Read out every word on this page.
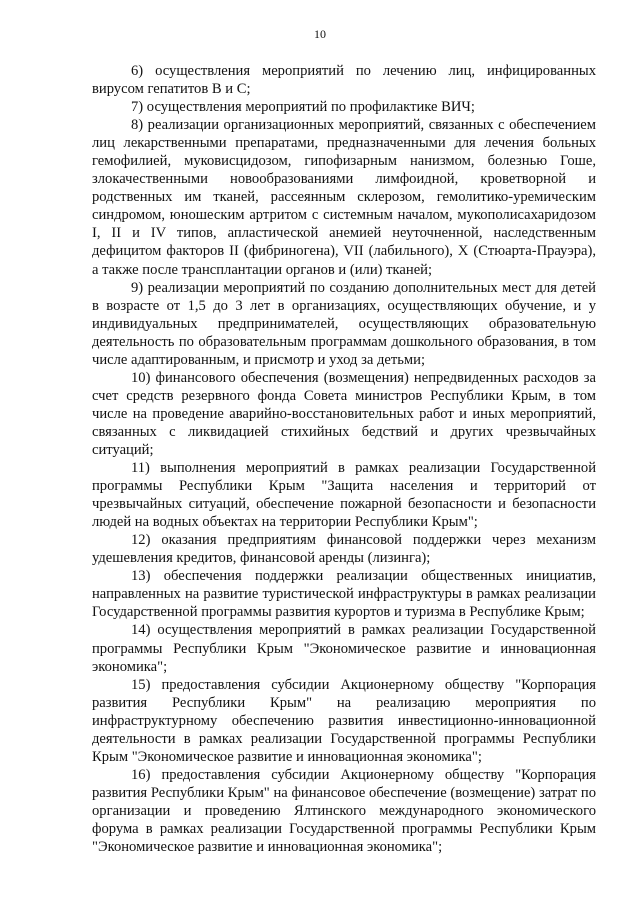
10

6) осуществления мероприятий по лечению лиц, инфицированных вирусом гепатитов В и С;

7) осуществления мероприятий по профилактике ВИЧ;

8) реализации организационных мероприятий, связанных с обеспечением лиц лекарственными препаратами, предназначенными для лечения больных гемофилией, муковисцидозом, гипофизарным нанизмом, болезнью Гоше, злокачественными новообразованиями лимфоидной, кроветворной и родственных им тканей, рассеянным склерозом, гемолитико-уремическим синдромом, юношеским артритом с системным началом, мукополисахаридозом I, II и IV типов, апластической анемией неуточненной, наследственным дефицитом факторов II (фибриногена), VII (лабильного), X (Стюарта-Прауэра), а также после трансплантации органов и (или) тканей;

9) реализации мероприятий по созданию дополнительных мест для детей в возрасте от 1,5 до 3 лет в организациях, осуществляющих обучение, и у индивидуальных предпринимателей, осуществляющих образовательную деятельность по образовательным программам дошкольного образования, в том числе адаптированным, и присмотр и уход за детьми;

10) финансового обеспечения (возмещения) непредвиденных расходов за счет средств резервного фонда Совета министров Республики Крым, в том числе на проведение аварийно-восстановительных работ и иных мероприятий, связанных с ликвидацией стихийных бедствий и других чрезвычайных ситуаций;

11) выполнения мероприятий в рамках реализации Государственной программы Республики Крым "Защита населения и территорий от чрезвычайных ситуаций, обеспечение пожарной безопасности и безопасности людей на водных объектах на территории Республики Крым";

12) оказания предприятиям финансовой поддержки через механизм удешевления кредитов, финансовой аренды (лизинга);

13) обеспечения поддержки реализации общественных инициатив, направленных на развитие туристической инфраструктуры в рамках реализации Государственной программы развития курортов и туризма в Республике Крым;

14) осуществления мероприятий в рамках реализации Государственной программы Республики Крым "Экономическое развитие и инновационная экономика";

15) предоставления субсидии Акционерному обществу "Корпорация развития Республики Крым" на реализацию мероприятия по инфраструктурному обеспечению развития инвестиционно-инновационной деятельности в рамках реализации Государственной программы Республики Крым "Экономическое развитие и инновационная экономика";

16) предоставления субсидии Акционерному обществу "Корпорация развития Республики Крым" на финансовое обеспечение (возмещение) затрат по организации и проведению Ялтинского международного экономического форума в рамках реализации Государственной программы Республики Крым "Экономическое развитие и инновационная экономика";
